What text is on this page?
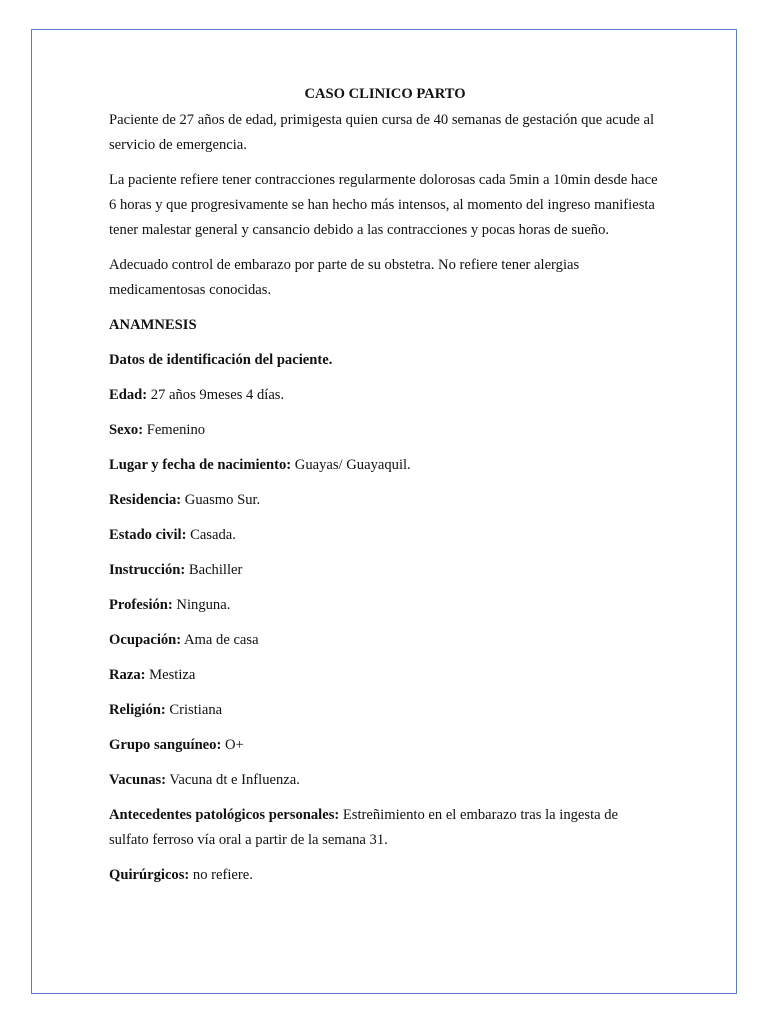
CASO CLINICO PARTO

Paciente de 27 años de edad, primigesta quien cursa de 40 semanas de gestación que acude al servicio de emergencia.

La paciente refiere tener contracciones regularmente dolorosas cada 5min a 10min desde hace 6 horas y que progresivamente se han hecho más intensos, al momento del ingreso manifiesta tener malestar general y cansancio debido a las contracciones y pocas horas de sueño.

Adecuado control de embarazo por parte de su obstetra. No refiere tener alergias medicamentosas conocidas.

ANAMNESIS

Datos de identificación del paciente.

Edad: 27 años 9meses 4 días.

Sexo: Femenino

Lugar y fecha de nacimiento: Guayas/ Guayaquil.

Residencia: Guasmo Sur.

Estado civil: Casada.

Instrucción: Bachiller

Profesión: Ninguna.

Ocupación: Ama de casa

Raza: Mestiza

Religión: Cristiana

Grupo sanguíneo: O+

Vacunas: Vacuna dt e Influenza.

Antecedentes patológicos personales: Estreñimiento en el embarazo tras la ingesta de sulfato ferroso vía oral a partir de la semana 31.

Quirúrgicos: no refiere.
